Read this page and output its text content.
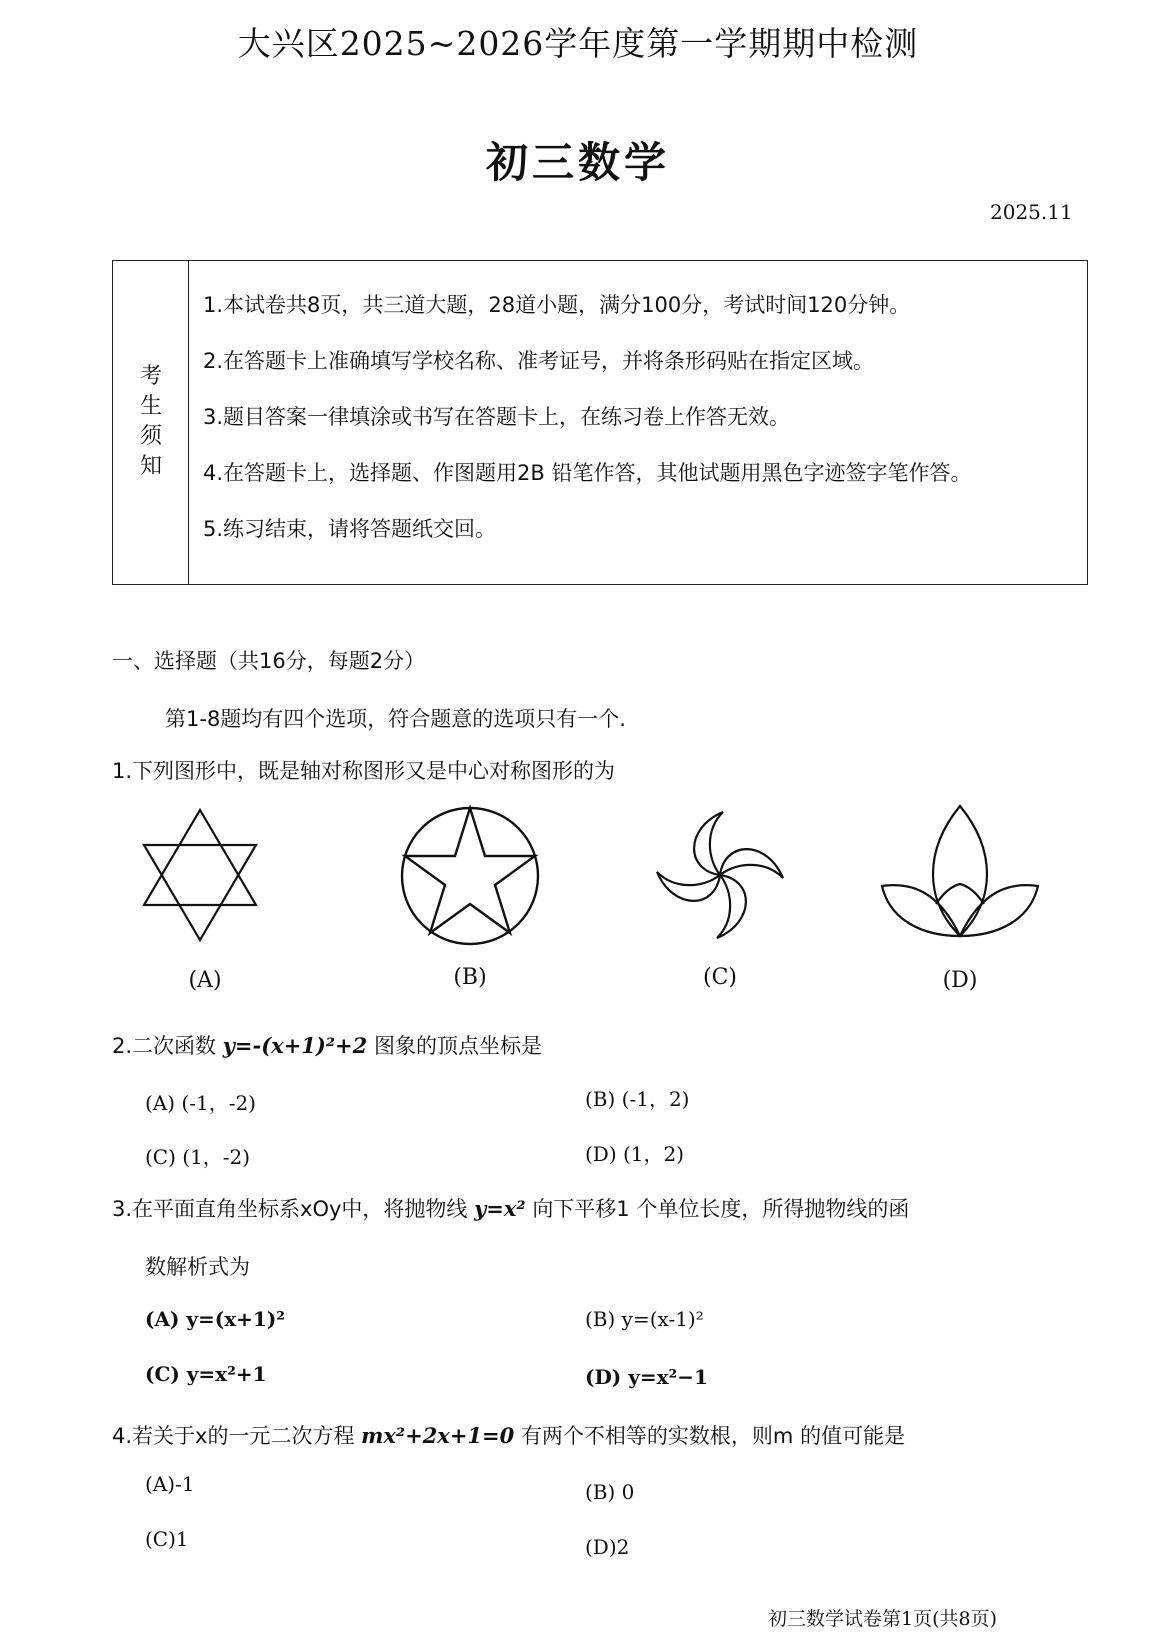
大兴区2025~2026学年度第一学期期中检测
初三数学
2025.11
考
生
须
知
1.本试卷共8页，共三道大题，28道小题，满分100分，考试时间120分钟。
2.在答题卡上准确填写学校名称、准考证号，并将条形码贴在指定区域。
3.题目答案一律填涂或书写在答题卡上，在练习卷上作答无效。
4.在答题卡上，选择题、作图题用2B 铅笔作答，其他试题用黑色字迹签字笔作答。
5.练习结束，请将答题纸交回。
一、选择题（共16分，每题2分）
第1-8题均有四个选项，符合题意的选项只有一个.
1.下列图形中，既是轴对称图形又是中心对称图形的为
(A)	(B)	(C)	(D)
2.二次函数 y=-(x+1)²+2 图象的顶点坐标是
(A) (-1，-2)	(B) (-1，2)
(C) (1，-2)	(D) (1，2)
3.在平面直角坐标系xOy中，将抛物线 y=x² 向下平移1 个单位长度，所得抛物线的函
数解析式为
(A) y=(x+1)²	(B) y=(x-1)²
(C) y=x²+1	(D) y=x²−1
4.若关于x的一元二次方程 mx²+2x+1=0 有两个不相等的实数根，则m 的值可能是
(A)-1	(B) 0
(C)1	(D)2
初三数学试卷第1页(共8页)
